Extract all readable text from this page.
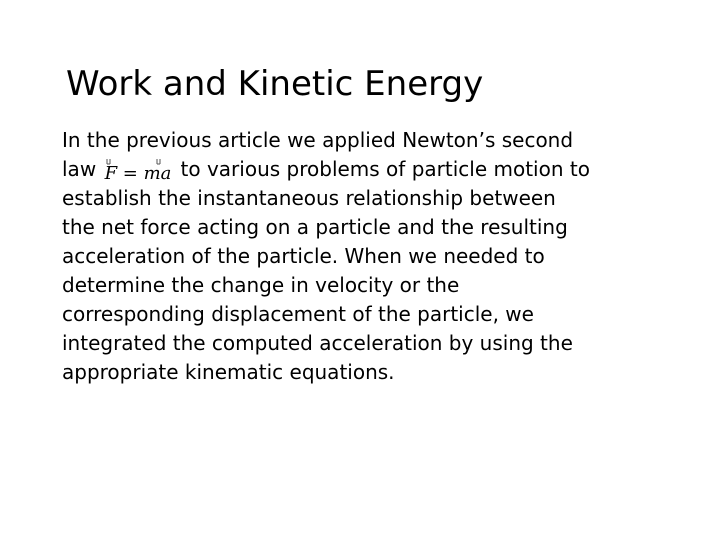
Work and Kinetic Energy
In the previous article we applied Newton’s second
law F = ma to various problems of particle motion to
establish the instantaneous relationship between
the net force acting on a particle and the resulting
acceleration of the particle. When we needed to
determine the change in velocity or the
corresponding displacement of the particle, we
integrated the computed acceleration by using the
appropriate kinematic equations.
